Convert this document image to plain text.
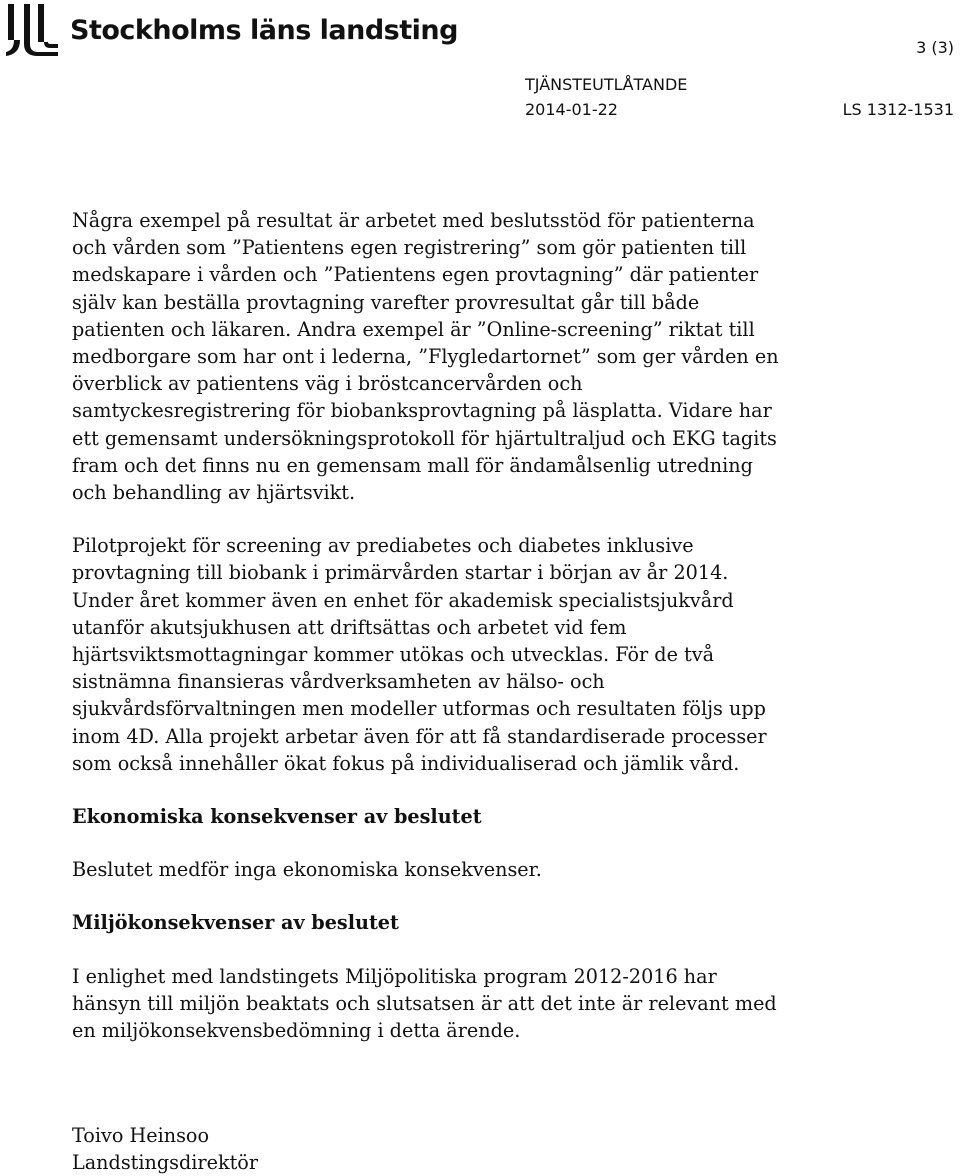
Stockholms läns landsting
3 (3)
TJÄNSTEUTLÅTANDE
2014-01-22	LS 1312-1531

Några exempel på resultat är arbetet med beslutsstöd för patienterna och vården som ”Patientens egen registrering” som gör patienten till medskapare i vården och ”Patientens egen provtagning” där patienter själv kan beställa provtagning varefter provresultat går till både patienten och läkaren. Andra exempel är ”Online-screening” riktat till medborgare som har ont i lederna, ”Flygledartornet” som ger vården en överblick av patientens väg i bröstcancervården och samtyckesregistrering för biobanksprovtagning på läsplatta. Vidare har ett gemensamt undersökningsprotokoll för hjärtultraljud och EKG tagits fram och det finns nu en gemensam mall för ändamålsenlig utredning och behandling av hjärtsvikt.

Pilotprojekt för screening av prediabetes och diabetes inklusive provtagning till biobank i primärvården startar i början av år 2014. Under året kommer även en enhet för akademisk specialistsjukvård utanför akutsjukhusen att driftsättas och arbetet vid fem hjärtsviktsmottagningar kommer utökas och utvecklas. För de två sistnämna finansieras vårdverksamheten av hälso- och sjukvårdsförvaltningen men modeller utformas och resultaten följs upp inom 4D. Alla projekt arbetar även för att få standardiserade processer som också innehåller ökat fokus på individualiserad och jämlik vård.

Ekonomiska konsekvenser av beslutet

Beslutet medför inga ekonomiska konsekvenser.

Miljökonsekvenser av beslutet

I enlighet med landstingets Miljöpolitiska program 2012-2016 har hänsyn till miljön beaktats och slutsatsen är att det inte är relevant med en miljökonsekvensbedömning i detta ärende.

Toivo Heinsoo
Landstingsdirektör
